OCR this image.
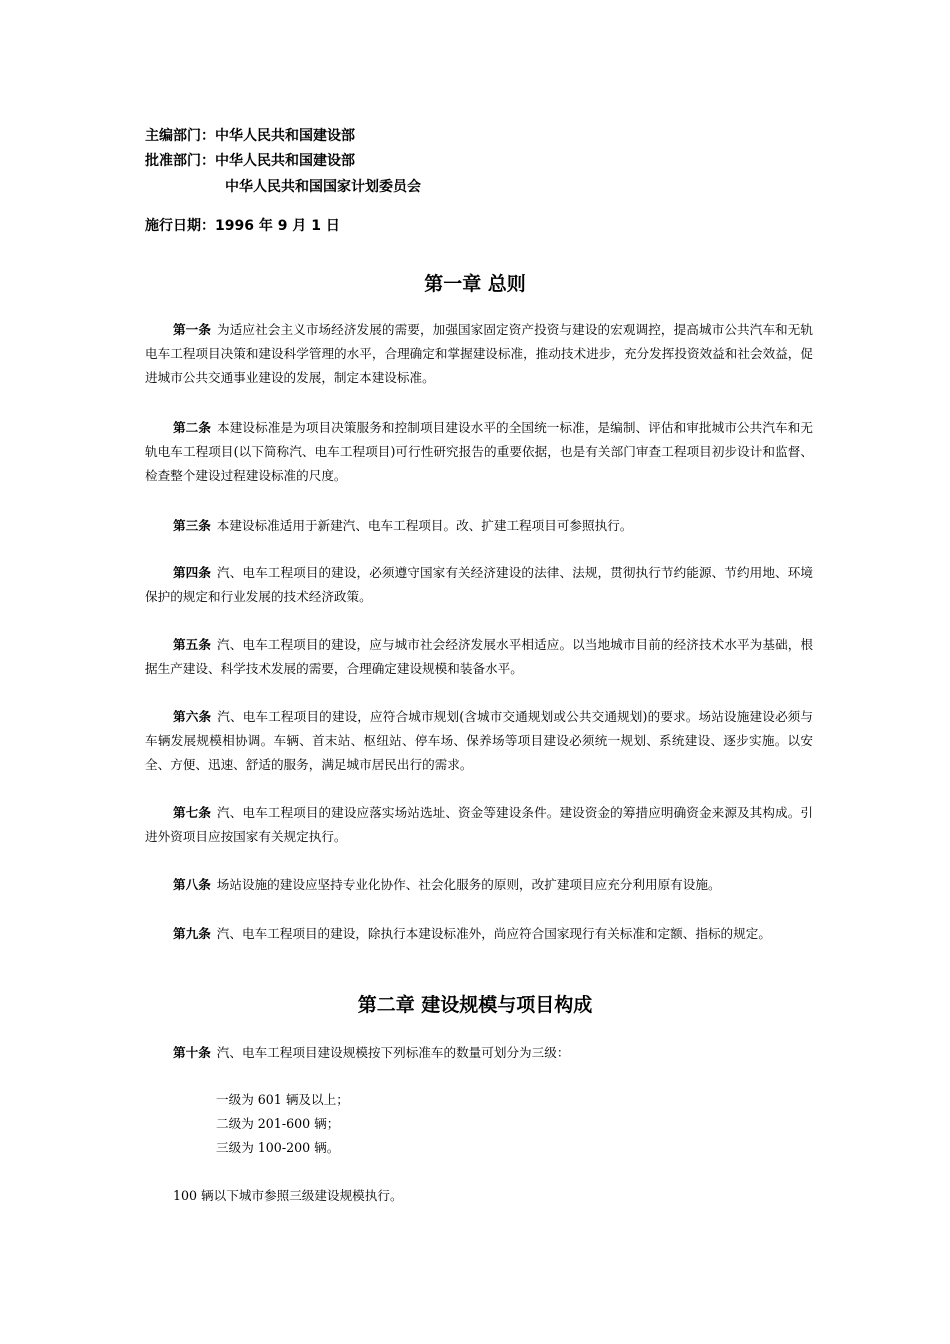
主编部门：中华人民共和国建设部
批准部门：中华人民共和国建设部
中华人民共和国国家计划委员会
施行日期：1996 年 9 月 1 日
第一章 总则
第一条 为适应社会主义市场经济发展的需要，加强国家固定资产投资与建设的宏观调控，提高城市公共汽车和无轨电车工程项目决策和建设科学管理的水平，合理确定和掌握建设标准，推动技术进步，充分发挥投资效益和社会效益，促进城市公共交通事业建设的发展，制定本建设标准。
第二条 本建设标准是为项目决策服务和控制项目建设水平的全国统一标准，是编制、评估和审批城市公共汽车和无轨电车工程项目(以下简称汽、电车工程项目)可行性研究报告的重要依据，也是有关部门审查工程项目初步设计和监督、检查整个建设过程建设标准的尺度。
第三条 本建设标准适用于新建汽、电车工程项目。改、扩建工程项目可参照执行。
第四条 汽、电车工程项目的建设，必须遵守国家有关经济建设的法律、法规，贯彻执行节约能源、节约用地、环境保护的规定和行业发展的技术经济政策。
第五条 汽、电车工程项目的建设，应与城市社会经济发展水平相适应。以当地城市目前的经济技术水平为基础，根据生产建设、科学技术发展的需要，合理确定建设规模和装备水平。
第六条 汽、电车工程项目的建设，应符合城市规划(含城市交通规划或公共交通规划)的要求。场站设施建设必须与车辆发展规模相协调。车辆、首末站、枢纽站、停车场、保养场等项目建设必须统一规划、系统建设、逐步实施。以安全、方便、迅速、舒适的服务，满足城市居民出行的需求。
第七条 汽、电车工程项目的建设应落实场站选址、资金等建设条件。建设资金的筹措应明确资金来源及其构成。引进外资项目应按国家有关规定执行。
第八条 场站设施的建设应坚持专业化协作、社会化服务的原则，改扩建项目应充分利用原有设施。
第九条 汽、电车工程项目的建设，除执行本建设标准外，尚应符合国家现行有关标准和定额、指标的规定。
第二章 建设规模与项目构成
第十条 汽、电车工程项目建设规模按下列标准车的数量可划分为三级：
一级为 601 辆及以上；
二级为 201-600 辆；
三级为 100-200 辆。
100 辆以下城市参照三级建设规模执行。
